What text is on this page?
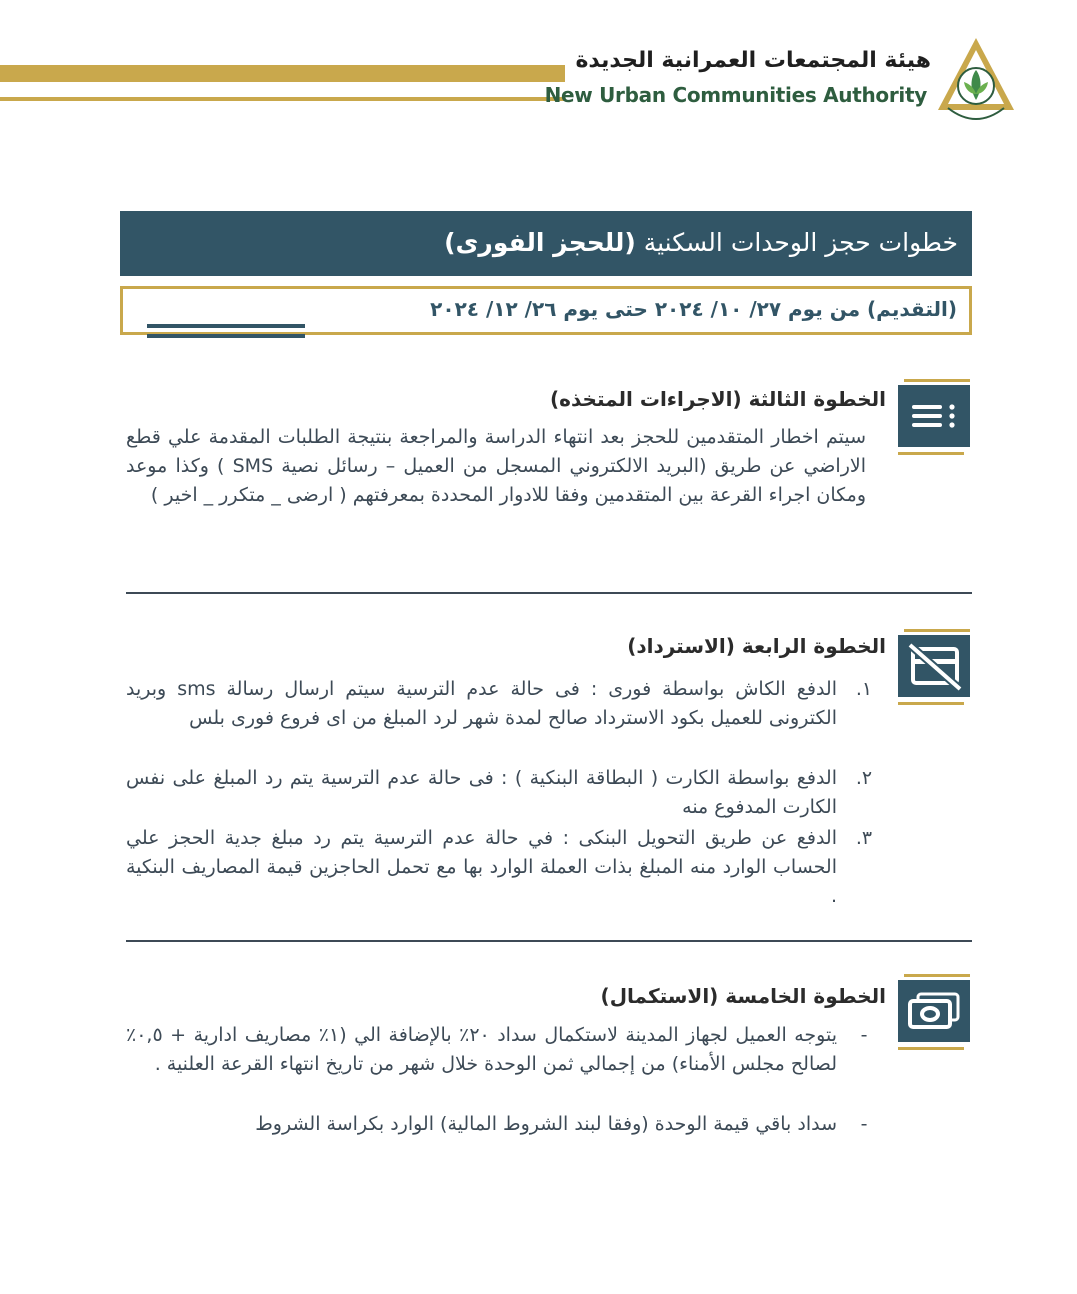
هيئة المجتمعات العمرانية الجديدة
New Urban Communities Authority
خطوات حجز الوحدات السكنية (للحجز الفورى)
(التقديم) من يوم ٢٧/ ١٠/ ٢٠٢٤ حتى يوم ٢٦/ ١٢/ ٢٠٢٤
الخطوة الثالثة (الاجراءات المتخذه)
سيتم اخطار المتقدمين للحجز بعد انتهاء الدراسة والمراجعة بنتيجة الطلبات المقدمة علي قطع الاراضي عن طريق (البريد الالكتروني المسجل من العميل – رسائل نصية SMS ) وكذا موعد ومكان اجراء القرعة بين المتقدمين وفقا للادوار المحددة بمعرفتهم ( ارضى _ متكرر _ اخير )
الخطوة الرابعة (الاسترداد)
١.
الدفع الكاش بواسطة فورى : فى حالة عدم الترسية سيتم ارسال رسالة sms وبريد الكترونى للعميل بكود الاسترداد صالح لمدة شهر لرد المبلغ من اى فروع فورى بلس
٢.
الدفع بواسطة الكارت ( البطاقة البنكية ) : فى حالة عدم الترسية يتم رد المبلغ على نفس الكارت المدفوع منه
٣.
الدفع عن طريق التحويل البنكى : في حالة عدم الترسية يتم رد مبلغ جدية الحجز علي الحساب الوارد منه المبلغ بذات العملة الوارد بها مع تحمل الحاجزين قيمة المصاريف البنكية .
الخطوة الخامسة (الاستكمال)
-
يتوجه العميل لجهاز المدينة لاستكمال سداد ٢٠٪ بالإضافة الي (١٪ مصاريف ادارية + ٠,٥٪ لصالح مجلس الأمناء) من إجمالي ثمن الوحدة خلال شهر من تاريخ انتهاء القرعة العلنية .
-
سداد باقي قيمة الوحدة (وفقا لبند الشروط المالية) الوارد بكراسة الشروط
